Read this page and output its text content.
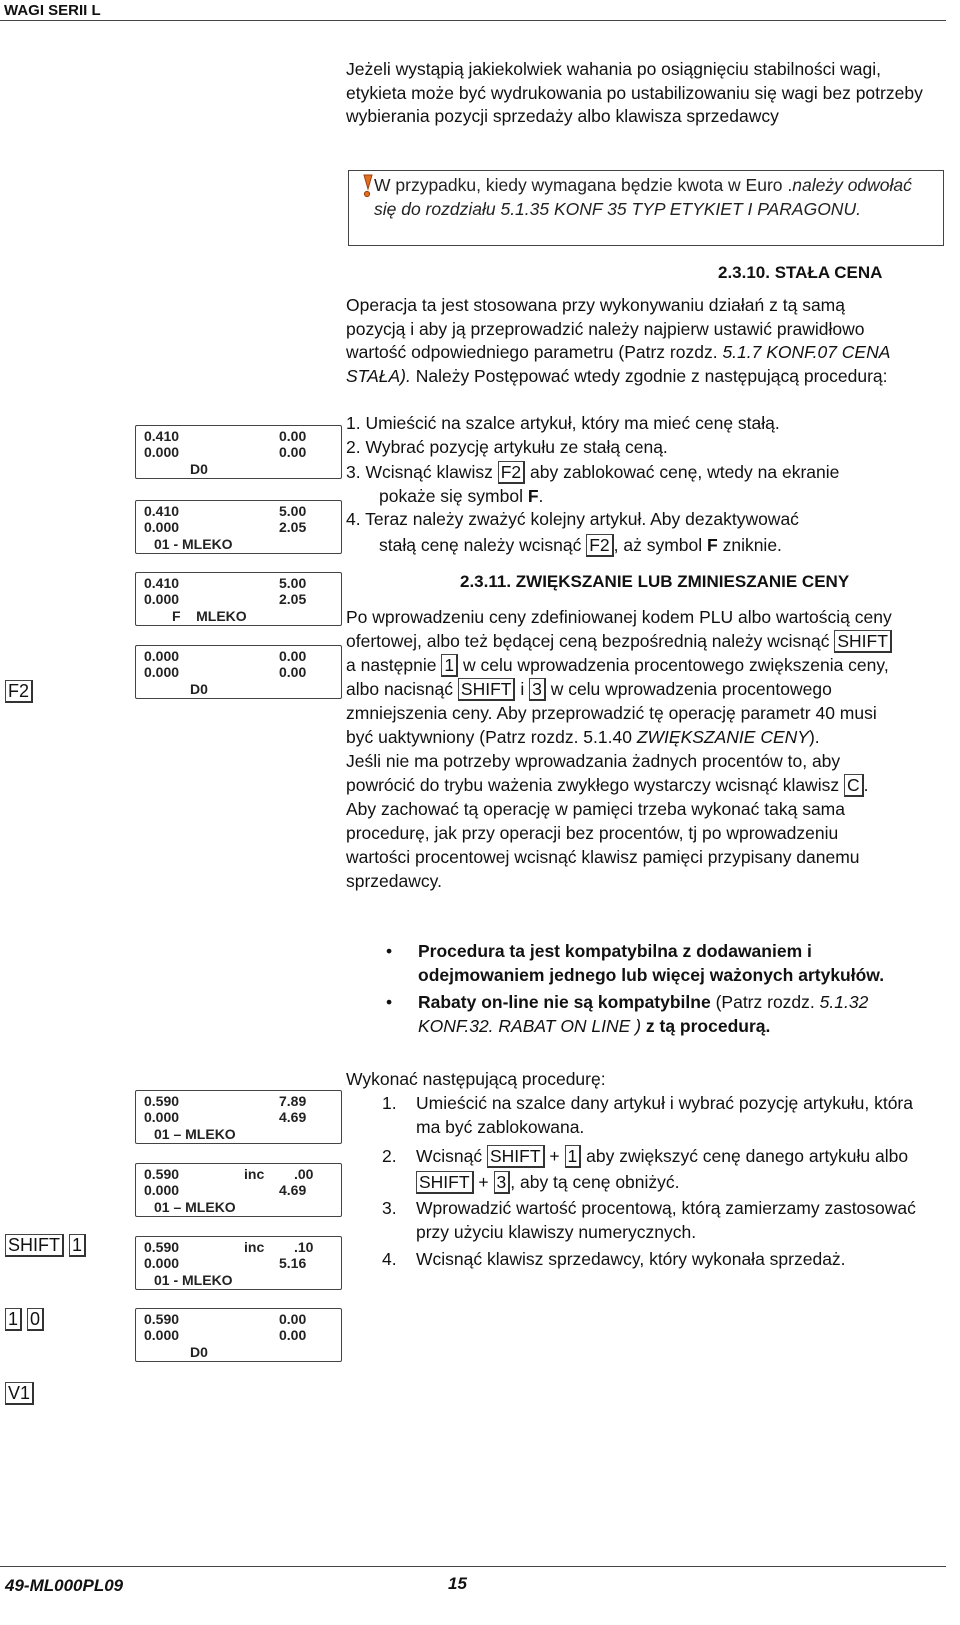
WAGI SERII L
Jeżeli wystąpią jakiekolwiek wahania po osiągnięciu stabilności wagi, etykieta może być wydrukowania po ustabilizowaniu się wagi bez potrzeby wybierania pozycji sprzedaży albo klawisza sprzedawcy
W przypadku, kiedy wymagana będzie kwota w Euro .należy odwołać się do rozdziału 5.1.35 KONF 35 TYP ETYKIET I PARAGONU.
2.3.10. STAŁA CENA
Operacja ta jest stosowana przy wykonywaniu działań z tą samą pozycją i aby ją przeprowadzić należy najpierw ustawić prawidłowo wartość odpowiedniego parametru (Patrz rozdz. 5.1.7 KONF.07 CENA STAŁA). Należy Postępować wtedy zgodnie z następującą procedurą:
1. Umieścić na szalce artykuł, który ma mieć cenę stałą.
2. Wybrać pozycję artykułu ze stałą ceną.
3. Wcisnąć klawisz F2 aby zablokować cenę, wtedy na ekranie
pokaże się symbol F.
4. Teraz należy zważyć kolejny artykuł. Aby dezaktywować
stałą cenę należy wcisnąć F2 , aż symbol F zniknie.
2.3.11. ZWIĘKSZANIE LUB ZMINIESZANIE CENY
Po wprowadzeniu ceny zdefiniowanej kodem PLU albo wartością ceny ofertowej, albo też będącej ceną bezpośrednią należy wcisnąć SHIFT a następnie 1 w celu wprowadzenia procentowego zwiększenia ceny, albo nacisnąć SHIFT i 3 w celu wprowadzenia procentowego zmniejszenia ceny. Aby przeprowadzić tę operację parametr 40 musi być uaktywniony (Patrz rozdz. 5.1.40 ZWIĘKSZANIE CENY).
Jeśli nie ma potrzeby wprowadzania żadnych procentów to, aby powrócić do trybu ważenia zwykłego wystarczy wcisnąć klawisz C .
Aby zachować tą operację w pamięci trzeba wykonać taką sama procedurę, jak przy operacji bez procentów, tj po wprowadzeniu wartości procentowej wcisnąć klawisz pamięci przypisany danemu sprzedawcy.
• Procedura ta jest kompatybilna z dodawaniem i odejmowaniem jednego lub więcej ważonych artykułów.
• Rabaty on-line nie są kompatybilne (Patrz rozdz. 5.1.32 KONF.32. RABAT ON LINE ) z tą procedurą.
Wykonać następującą procedurę:
1. Umieścić na szalce dany artykuł i wybrać pozycję artykułu, która ma być zablokowana.
2. Wcisnąć SHIFT + 1 aby zwiększyć cenę danego artykułu albo SHIFT + 3 , aby tą cenę obniżyć.
3. Wprowadzić wartość procentową, którą zamierzamy zastosować przy użyciu klawiszy numerycznych.
4. Wcisnąć klawisz sprzedawcy, który wykonała sprzedaż.
F2
SHIFT 1
1 0
V1
0.410	0.00
0.000	0.00
D0
0.410	5.00
0.000	2.05
01 - MLEKO
0.410	5.00
0.000	2.05
F    MLEKO
0.000	0.00
0.000	0.00
D0
0.590	7.89
0.000	4.69
01 – MLEKO
0.590	inc .00
0.000	4.69
01 – MLEKO
0.590	inc .10
0.000	5.16
01 - MLEKO
0.590	0.00
0.000	0.00
D0
49-ML000PL09	15
